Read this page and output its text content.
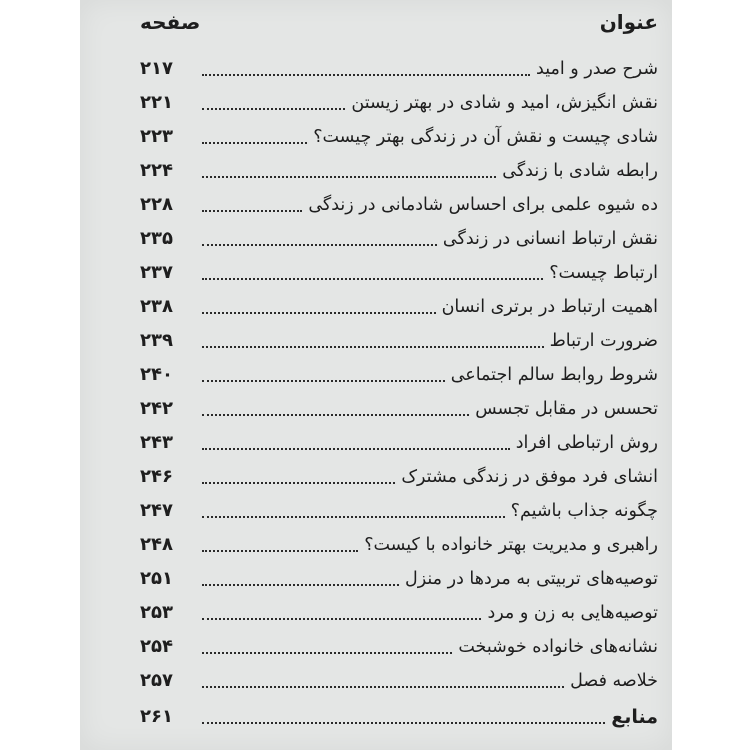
عنوان
صفحه
شرح صدر و امید
۲۱۷
نقش انگیزش، امید و شادی در بهتر زیستن
۲۲۱
شادی چیست و نقش آن در زندگی بهتر چیست؟
۲۲۳
رابطه شادی با زندگی
۲۲۴
ده شیوه علمی برای احساس شادمانی در زندگی
۲۲۸
نقش ارتباط انسانی در زندگی
۲۳۵
ارتباط چیست؟
۲۳۷
اهمیت ارتباط در برتری انسان
۲۳۸
ضرورت ارتباط
۲۳۹
شروط روابط سالم اجتماعی
۲۴۰
تحسس در مقابل تجسس
۲۴۲
روش ارتباطی افراد
۲۴۳
انشای فرد موفق در زندگی مشترک
۲۴۶
چگونه جذاب باشیم؟
۲۴۷
راهبری و مدیریت بهتر خانواده با کیست؟
۲۴۸
توصیه‌های تربیتی به مردها در منزل
۲۵۱
توصیه‌هایی به زن و مرد
۲۵۳
نشانه‌های خانواده خوشبخت
۲۵۴
خلاصه فصل
۲۵۷
منابع
۲۶۱
